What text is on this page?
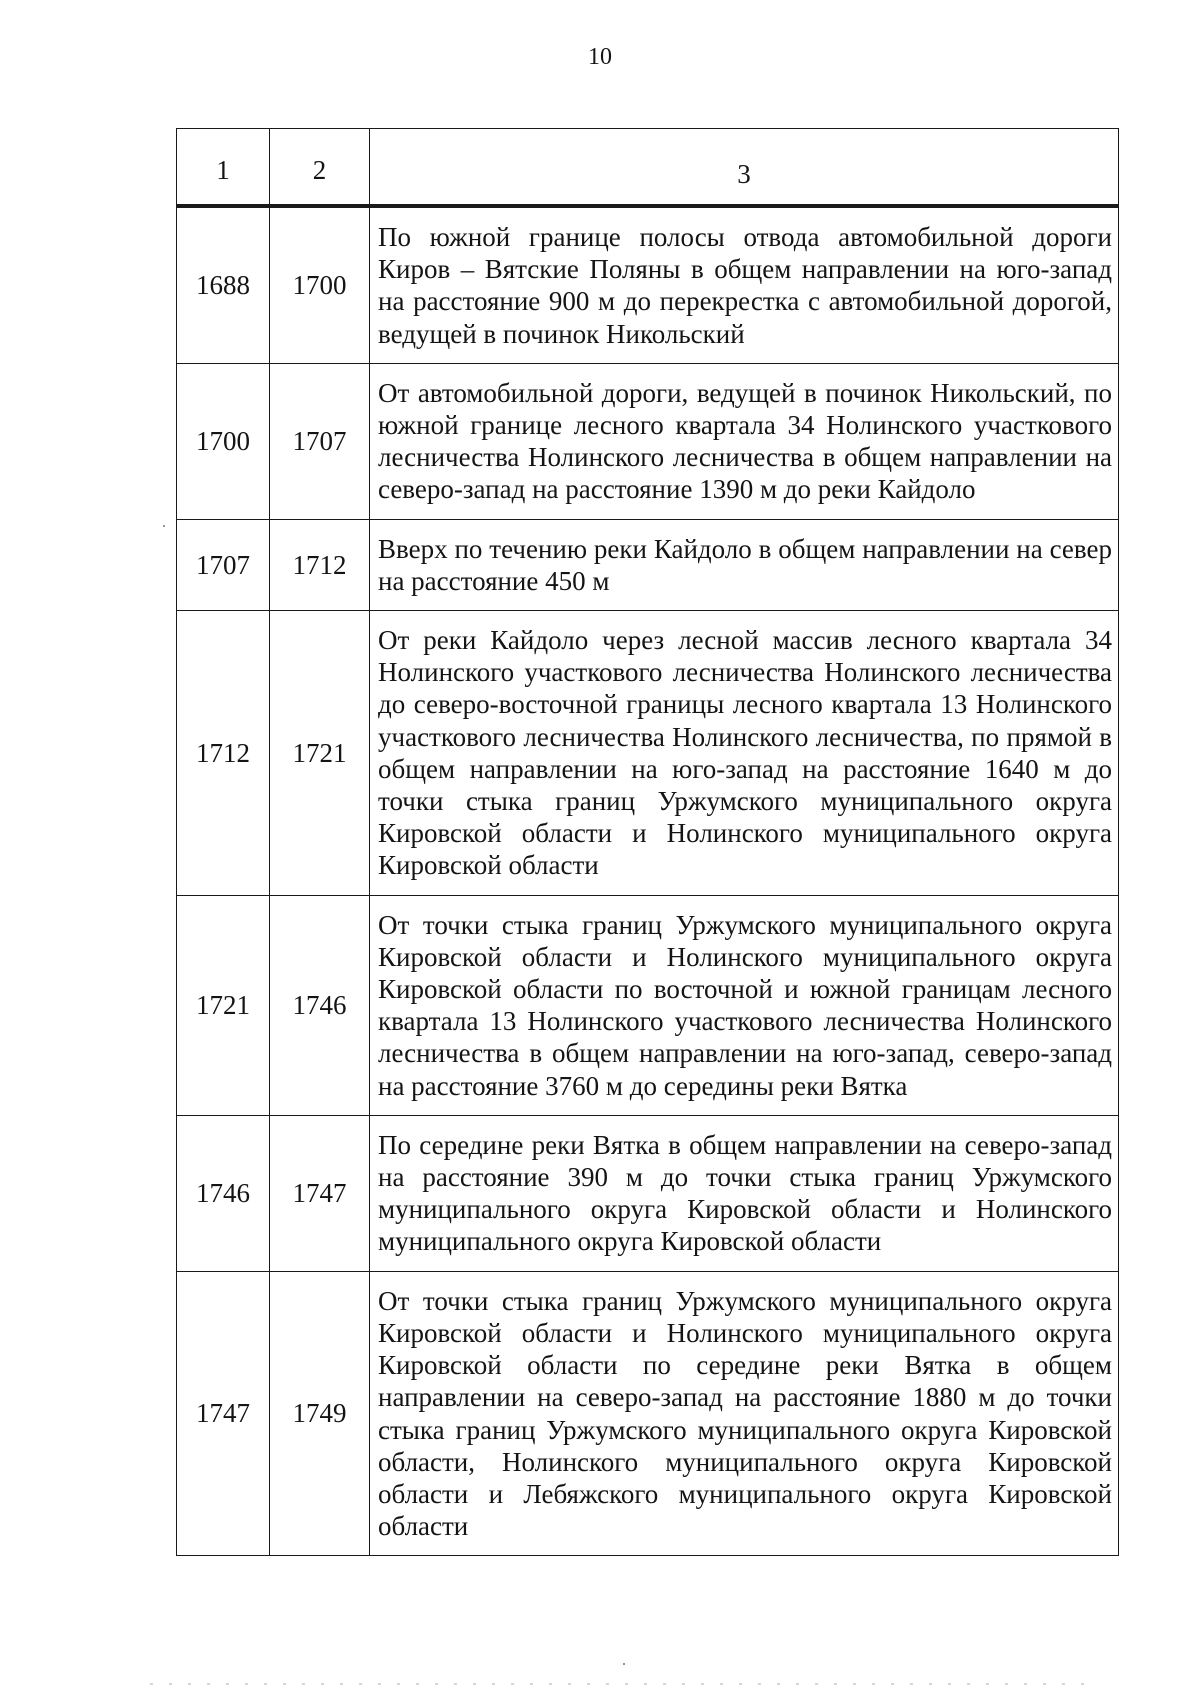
10
1	2	3

1688	1700	По южной границе полосы отвода автомобильной дороги Киров – Вятские Поляны в общем направлении на юго-запад на расстояние 900 м до перекрестка с автомобильной дорогой, ведущей в починок Никольский
1700	1707	От автомобильной дороги, ведущей в починок Никольский, по южной границе лесного квартала 34 Нолинского участкового лесничества Нолинского лесничества в общем направлении на северо-запад на расстояние 1390 м до реки Кайдоло
1707	1712	Вверх по течению реки Кайдоло в общем направлении на север на расстояние 450 м
1712	1721	От реки Кайдоло через лесной массив лесного квартала 34 Нолинского участкового лесничества Нолинского лесничества до северо-восточной границы лесного квартала 13 Нолинского участкового лесничества Нолинского лесничества, по прямой в общем направлении на юго-запад на расстояние 1640 м до точки стыка границ Уржумского муниципального округа Кировской области и Нолинского муниципального округа Кировской области
1721	1746	От точки стыка границ Уржумского муниципального округа Кировской области и Нолинского муниципального округа Кировской области по восточной и южной границам лесного квартала 13 Нолинского участкового лесничества Нолинского лесничества в общем направлении на юго-запад, северо-запад на расстояние 3760 м до середины реки Вятка
1746	1747	По середине реки Вятка в общем направлении на северо-запад на расстояние 390 м до точки стыка границ Уржумского муниципального округа Кировской области и Нолинского муниципального округа Кировской области
1747	1749	От точки стыка границ Уржумского муниципального округа Кировской области и Нолинского муниципального округа Кировской области по середине реки Вятка в общем направлении на северо-запад на расстояние 1880 м до точки стыка границ Уржумского муниципального округа Кировской области, Нолинского муниципального округа Кировской области и Лебяжского муниципального округа Кировской области
